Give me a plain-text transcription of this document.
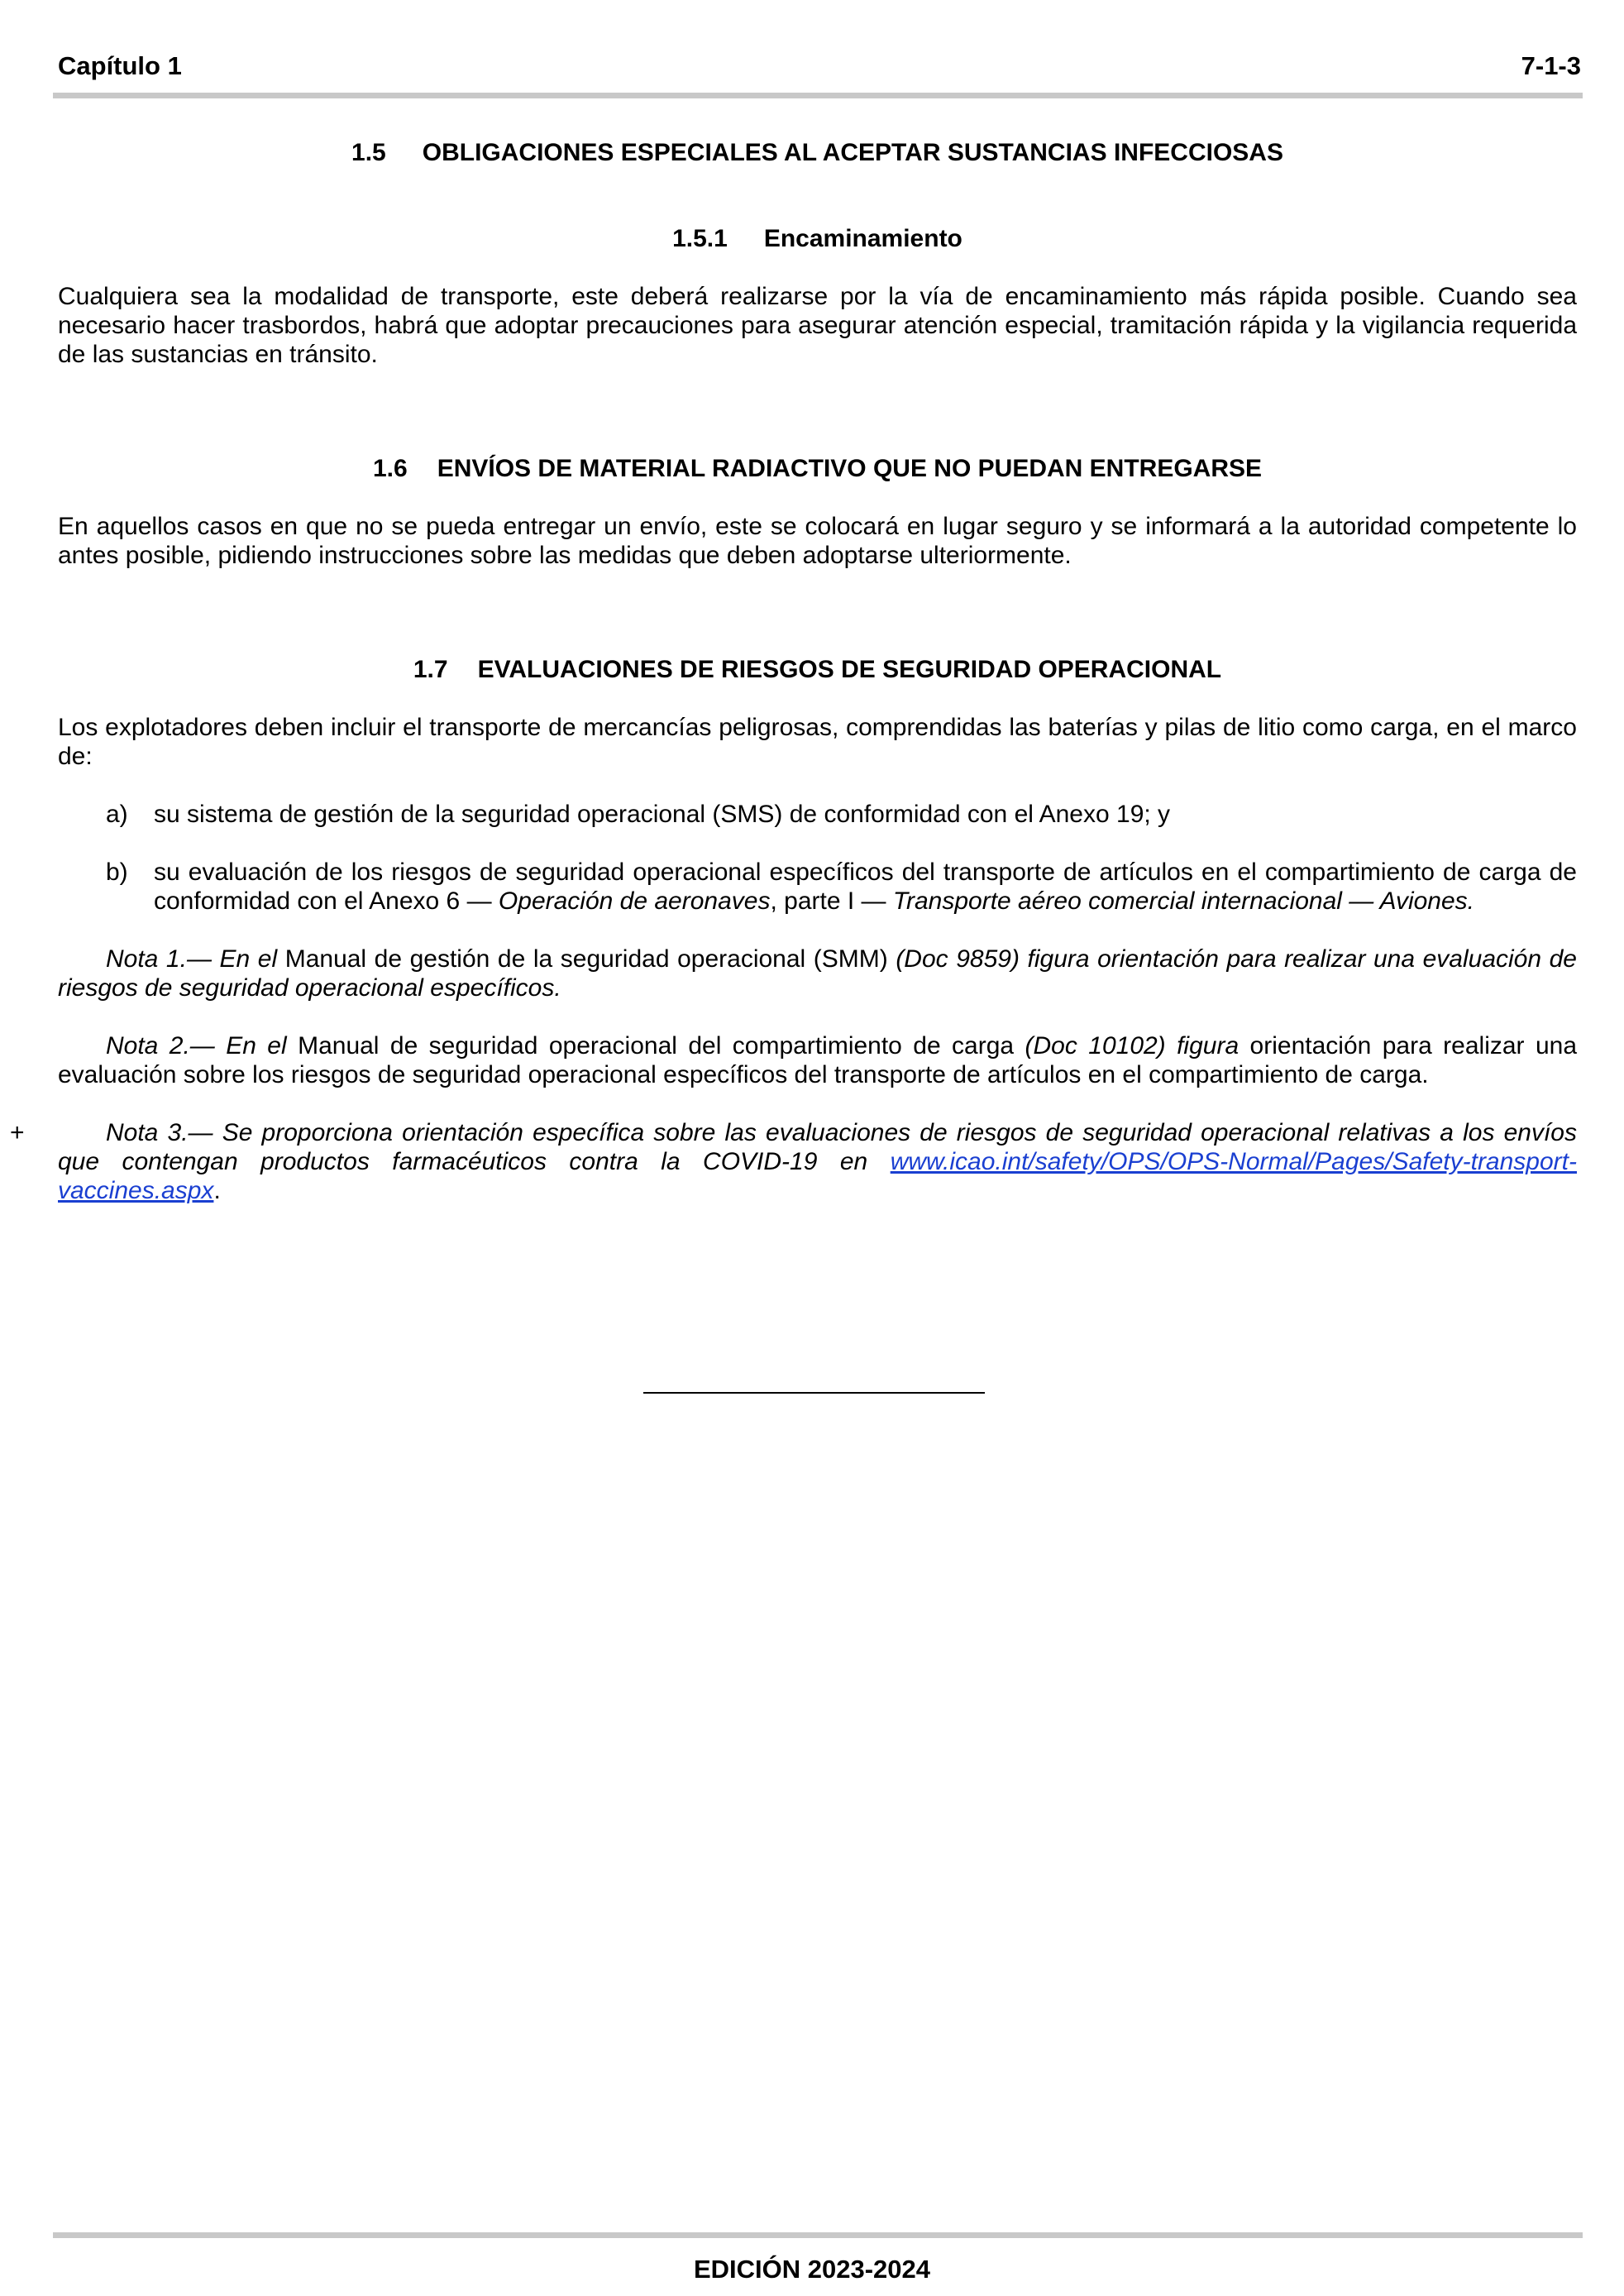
Capítulo 1	7-1-3
1.5 OBLIGACIONES ESPECIALES AL ACEPTAR SUSTANCIAS INFECCIOSAS
1.5.1 Encaminamiento

Cualquiera sea la modalidad de transporte, este deberá realizarse por la vía de encaminamiento más rápida posible. Cuando sea necesario hacer trasbordos, habrá que adoptar precauciones para asegurar atención especial, tramitación rápida y la vigilancia requerida de las sustancias en tránsito.

1.6 ENVÍOS DE MATERIAL RADIACTIVO QUE NO PUEDAN ENTREGARSE

En aquellos casos en que no se pueda entregar un envío, este se colocará en lugar seguro y se informará a la autoridad competente lo antes posible, pidiendo instrucciones sobre las medidas que deben adoptarse ulteriormente.

1.7 EVALUACIONES DE RIESGOS DE SEGURIDAD OPERACIONAL

Los explotadores deben incluir el transporte de mercancías peligrosas, comprendidas las baterías y pilas de litio como carga, en el marco de:

a) su sistema de gestión de la seguridad operacional (SMS) de conformidad con el Anexo 19; y
b) su evaluación de los riesgos de seguridad operacional específicos del transporte de artículos en el compartimiento de carga de conformidad con el Anexo 6 — Operación de aeronaves, parte I — Transporte aéreo comercial internacional — Aviones.

Nota 1.— En el Manual de gestión de la seguridad operacional (SMM) (Doc 9859) figura orientación para realizar una evaluación de riesgos de seguridad operacional específicos.

Nota 2.— En el Manual de seguridad operacional del compartimiento de carga (Doc 10102) figura orientación para realizar una evaluación sobre los riesgos de seguridad operacional específicos del transporte de artículos en el compartimiento de carga.

+	Nota 3.— Se proporciona orientación específica sobre las evaluaciones de riesgos de seguridad operacional relativas a los envíos que contengan productos farmacéuticos contra la COVID-19 en www.icao.int/safety/OPS/OPS-Normal/Pages/Safety-transport-vaccines.aspx.

EDICIÓN 2023-2024
